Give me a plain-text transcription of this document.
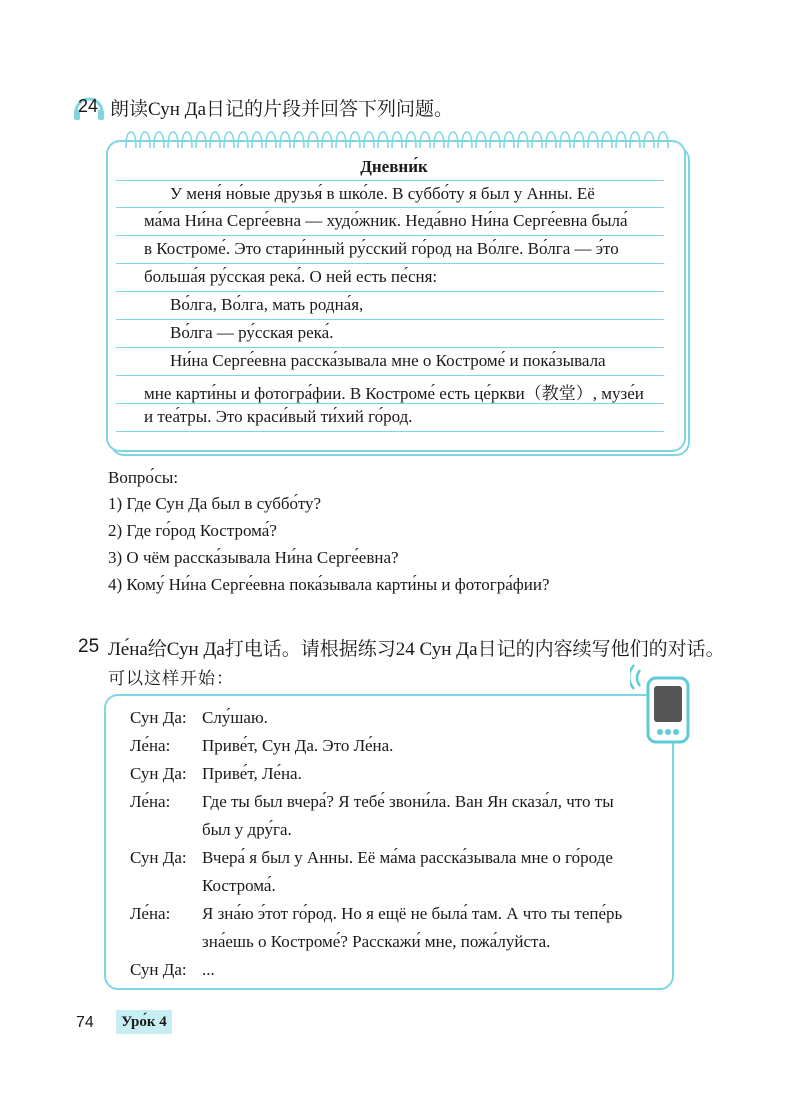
24 朗读Сун Да日记的片段并回答下列问题。
Дневни́к
У меня́ но́вые друзья́ в шко́ле. В суббо́ту я был у Анны. Её
ма́ма Ни́на Серге́евна — худо́жник. Неда́вно Ни́на Серге́евна была́
в Костроме́. Это стари́нный ру́сский го́род на Во́лге. Во́лга — э́то
больша́я ру́сская река́. О ней есть пе́сня:
Во́лга, Во́лга, мать родна́я,
Во́лга — ру́сская река́.
Ни́на Серге́евна расска́зывала мне о Костроме́ и пока́зывала
мне карти́ны и фотогра́фии. В Костроме́ есть це́ркви（教堂）, музе́и
и теа́тры. Это краси́вый ти́хий го́род.
Вопро́сы:
1) Где Сун Да был в суббо́ту?
2) Где го́род Кострома́?
3) О чём расска́зывала Ни́на Серге́евна?
4) Кому́ Ни́на Серге́евна пока́зывала карти́ны и фотогра́фии?
25 Ле́на给Сун Да打电话。请根据练习24 Сун Да日记的内容续写他们的对话。
可以这样开始：
Сун Да: Слу́шаю.
Ле́на: Приве́т, Сун Да. Это Ле́на.
Сун Да: Приве́т, Ле́на.
Ле́на: Где ты был вчера́? Я тебе́ звони́ла. Ван Ян сказа́л, что ты
был у дру́га.
Сун Да: Вчера́ я был у Анны. Её ма́ма расска́зывала мне о го́роде
Кострома́.
Ле́на: Я зна́ю э́тот го́род. Но я ещё не была́ там. А что ты тепе́рь
зна́ешь о Костроме́? Расскажи́ мне, пожа́луйста.
Сун Да: ...
74	Уро́к 4
